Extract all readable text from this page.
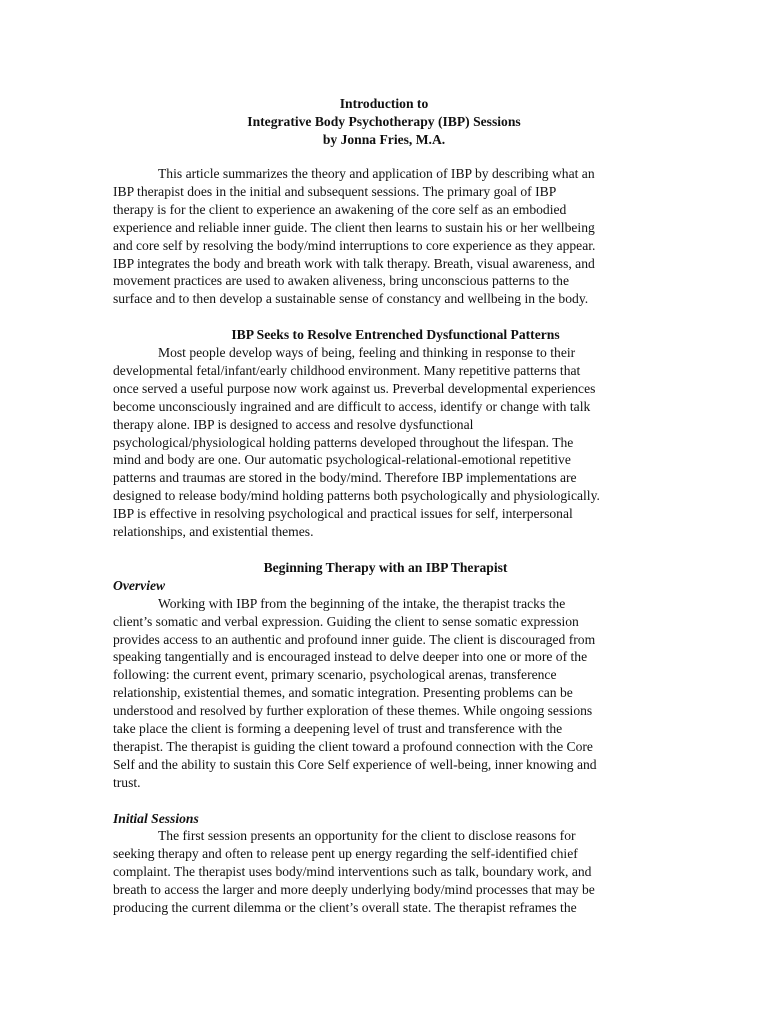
Introduction to
Integrative Body Psychotherapy (IBP) Sessions
by Jonna Fries, M.A.
This article summarizes the theory and application of IBP by describing what an
IBP therapist does in the initial and subsequent sessions. The primary goal of IBP
therapy is for the client to experience an awakening of the core self as an embodied
experience and reliable inner guide. The client then learns to sustain his or her wellbeing
and core self by resolving the body/mind interruptions to core experience as they appear.
IBP integrates the body and breath work with talk therapy. Breath, visual awareness, and
movement practices are used to awaken aliveness, bring unconscious patterns to the
surface and to then develop a sustainable sense of constancy and wellbeing in the body.
IBP Seeks to Resolve Entrenched Dysfunctional Patterns
Most people develop ways of being, feeling and thinking in response to their
developmental fetal/infant/early childhood environment. Many repetitive patterns that
once served a useful purpose now work against us. Preverbal developmental experiences
become unconsciously ingrained and are difficult to access, identify or change with talk
therapy alone. IBP is designed to access and resolve dysfunctional
psychological/physiological holding patterns developed throughout the lifespan. The
mind and body are one. Our automatic psychological-relational-emotional repetitive
patterns and traumas are stored in the body/mind. Therefore IBP implementations are
designed to release body/mind holding patterns both psychologically and physiologically.
IBP is effective in resolving psychological and practical issues for self, interpersonal
relationships, and existential themes.
Beginning Therapy with an IBP Therapist
Overview
Working with IBP from the beginning of the intake, the therapist tracks the
client’s somatic and verbal expression. Guiding the client to sense somatic expression
provides access to an authentic and profound inner guide. The client is discouraged from
speaking tangentially and is encouraged instead to delve deeper into one or more of the
following: the current event, primary scenario, psychological arenas, transference
relationship, existential themes, and somatic integration. Presenting problems can be
understood and resolved by further exploration of these themes. While ongoing sessions
take place the client is forming a deepening level of trust and transference with the
therapist. The therapist is guiding the client toward a profound connection with the Core
Self and the ability to sustain this Core Self experience of well-being, inner knowing and
trust.
Initial Sessions
The first session presents an opportunity for the client to disclose reasons for
seeking therapy and often to release pent up energy regarding the self-identified chief
complaint. The therapist uses body/mind interventions such as talk, boundary work, and
breath to access the larger and more deeply underlying body/mind processes that may be
producing the current dilemma or the client’s overall state. The therapist reframes the
